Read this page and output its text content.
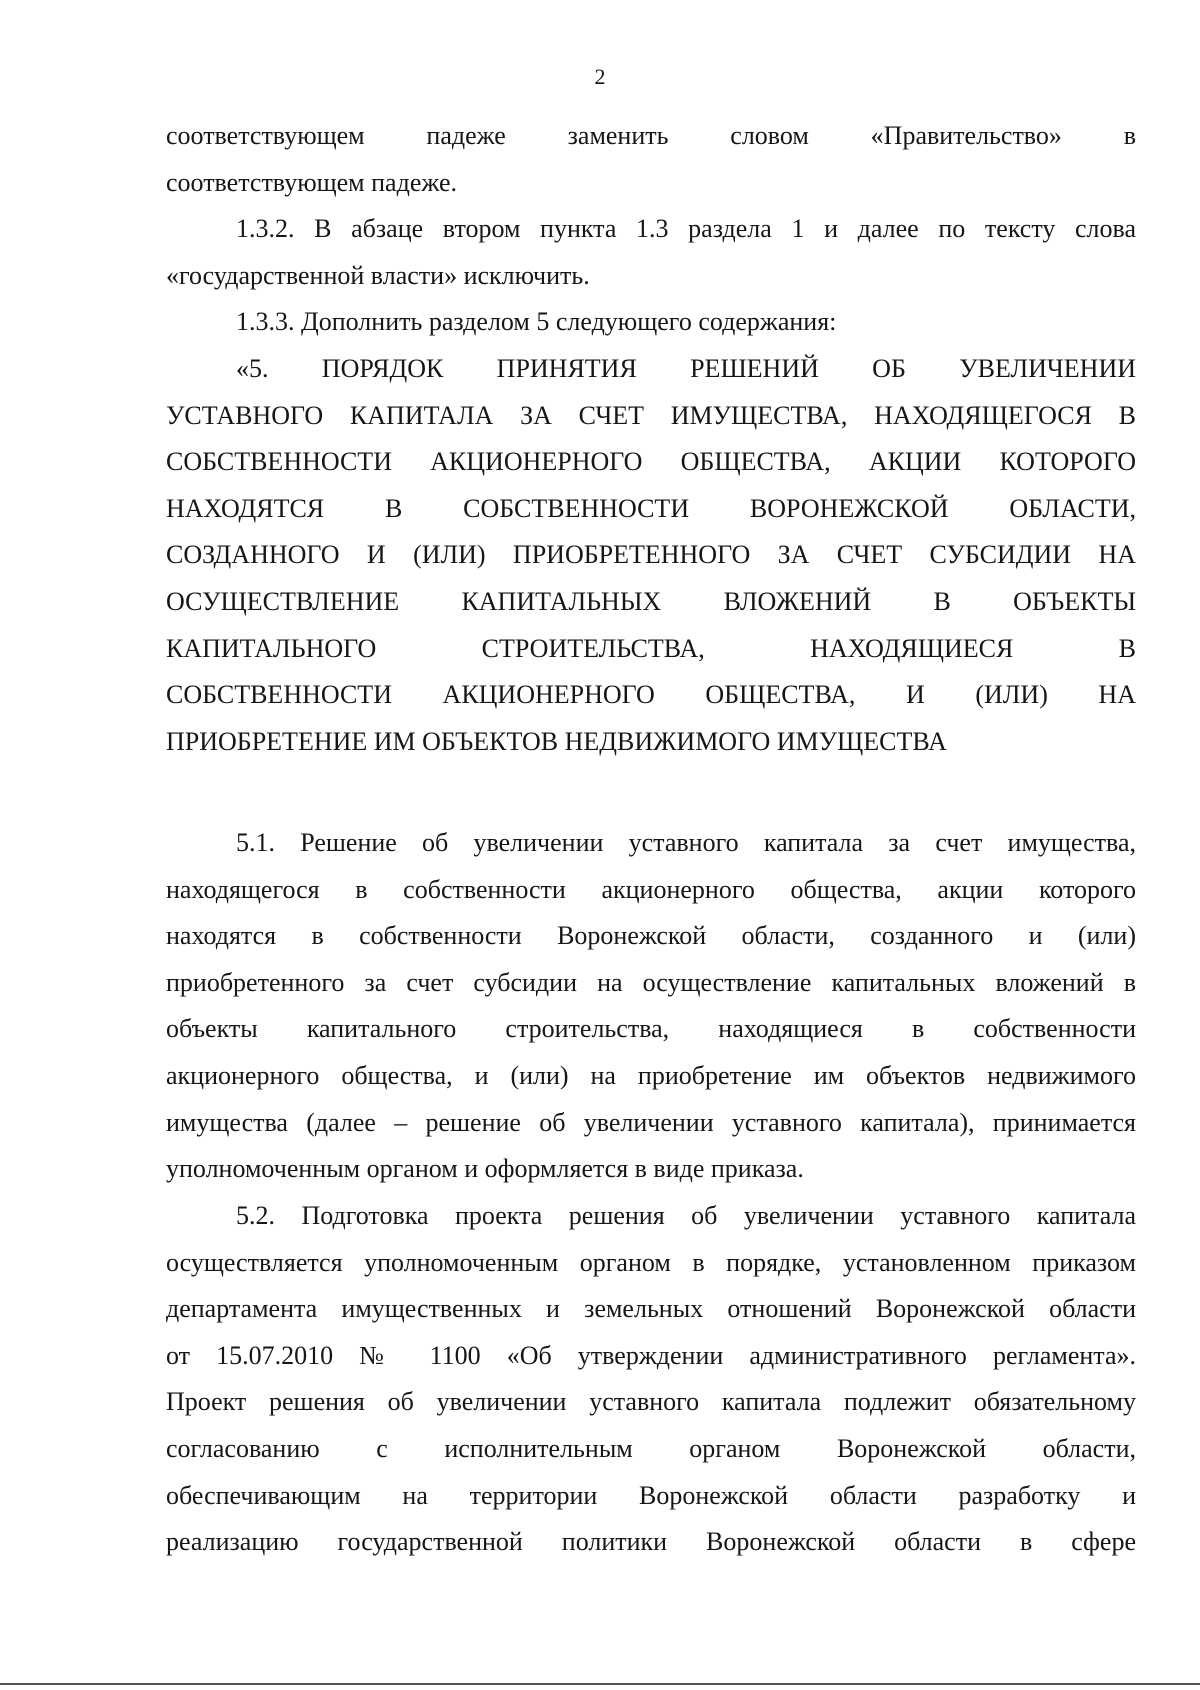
2
соответствующем падеже заменить словом «Правительство» в
соответствующем падеже.
1.3.2. В абзаце втором пункта 1.3 раздела 1 и далее по тексту слова
«государственной власти» исключить.
1.3.3. Дополнить разделом 5 следующего содержания:
«5. ПОРЯДОК ПРИНЯТИЯ РЕШЕНИЙ ОБ УВЕЛИЧЕНИИ
УСТАВНОГО КАПИТАЛА ЗА СЧЕТ ИМУЩЕСТВА, НАХОДЯЩЕГОСЯ В
СОБСТВЕННОСТИ АКЦИОНЕРНОГО ОБЩЕСТВА, АКЦИИ КОТОРОГО
НАХОДЯТСЯ В СОБСТВЕННОСТИ ВОРОНЕЖСКОЙ ОБЛАСТИ,
СОЗДАННОГО И (ИЛИ) ПРИОБРЕТЕННОГО ЗА СЧЕТ СУБСИДИИ НА
ОСУЩЕСТВЛЕНИЕ КАПИТАЛЬНЫХ ВЛОЖЕНИЙ В ОБЪЕКТЫ
КАПИТАЛЬНОГО СТРОИТЕЛЬСТВА, НАХОДЯЩИЕСЯ В
СОБСТВЕННОСТИ АКЦИОНЕРНОГО ОБЩЕСТВА, И (ИЛИ) НА
ПРИОБРЕТЕНИЕ ИМ ОБЪЕКТОВ НЕДВИЖИМОГО ИМУЩЕСТВА
5.1. Решение об увеличении уставного капитала за счет имущества,
находящегося в собственности акционерного общества, акции которого
находятся в собственности Воронежской области, созданного и (или)
приобретенного за счет субсидии на осуществление капитальных вложений в
объекты капитального строительства, находящиеся в собственности
акционерного общества, и (или) на приобретение им объектов недвижимого
имущества (далее – решение об увеличении уставного капитала), принимается
уполномоченным органом и оформляется в виде приказа.
5.2. Подготовка проекта решения об увеличении уставного капитала
осуществляется уполномоченным органом в порядке, установленном приказом
департамента имущественных и земельных отношений Воронежской области
от 15.07.2010 № 1100 «Об утверждении административного регламента».
Проект решения об увеличении уставного капитала подлежит обязательному
согласованию с исполнительным органом Воронежской области,
обеспечивающим на территории Воронежской области разработку и
реализацию государственной политики Воронежской области в сфере
